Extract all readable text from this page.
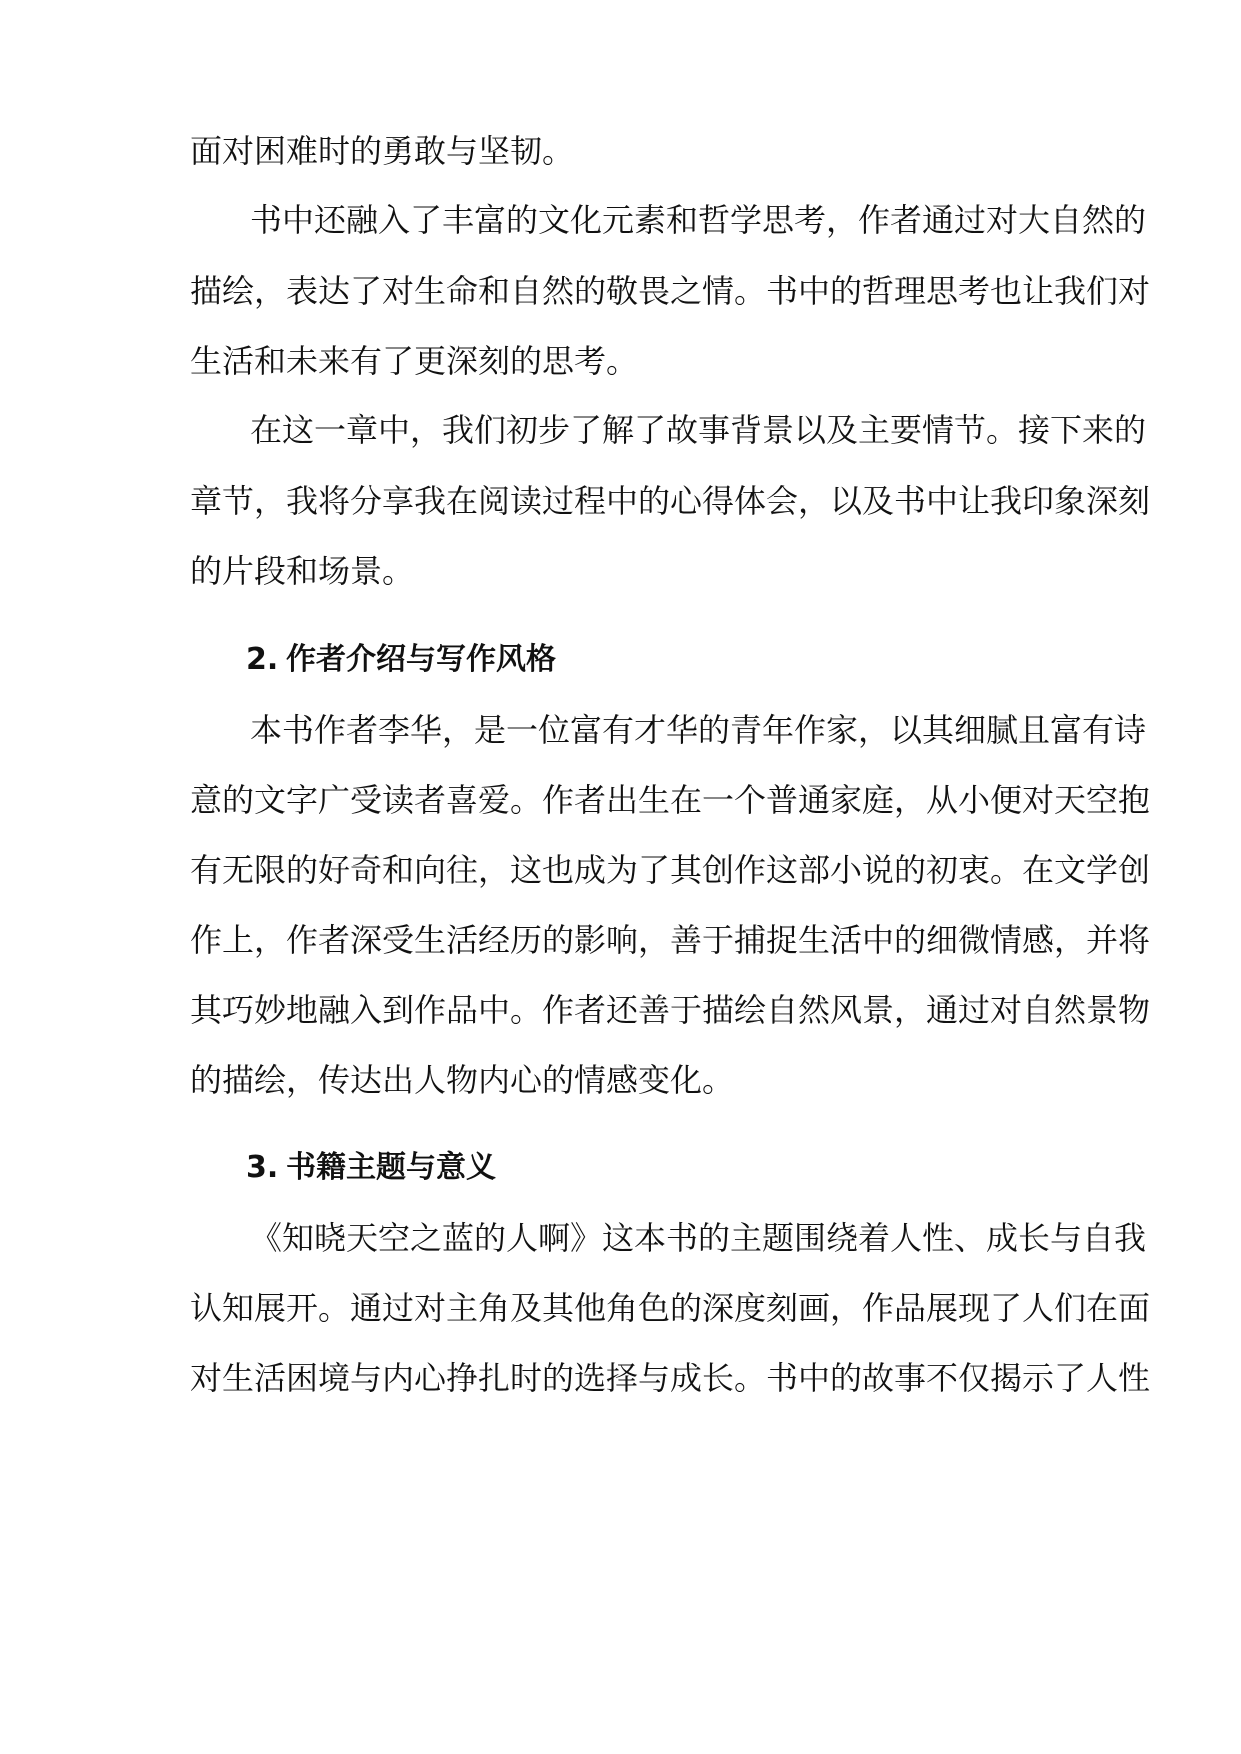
面对困难时的勇敢与坚韧。
书中还融入了丰富的文化元素和哲学思考，作者通过对大自然的
描绘，表达了对生命和自然的敬畏之情。书中的哲理思考也让我们对
生活和未来有了更深刻的思考。
在这一章中，我们初步了解了故事背景以及主要情节。接下来的
章节，我将分享我在阅读过程中的心得体会，以及书中让我印象深刻
的片段和场景。
2. 作者介绍与写作风格
本书作者李华，是一位富有才华的青年作家，以其细腻且富有诗
意的文字广受读者喜爱。作者出生在一个普通家庭，从小便对天空抱
有无限的好奇和向往，这也成为了其创作这部小说的初衷。在文学创
作上，作者深受生活经历的影响，善于捕捉生活中的细微情感，并将
其巧妙地融入到作品中。作者还善于描绘自然风景，通过对自然景物
的描绘，传达出人物内心的情感变化。
3. 书籍主题与意义
《知晓天空之蓝的人啊》这本书的主题围绕着人性、成长与自我
认知展开。通过对主角及其他角色的深度刻画，作品展现了人们在面
对生活困境与内心挣扎时的选择与成长。书中的故事不仅揭示了人性
